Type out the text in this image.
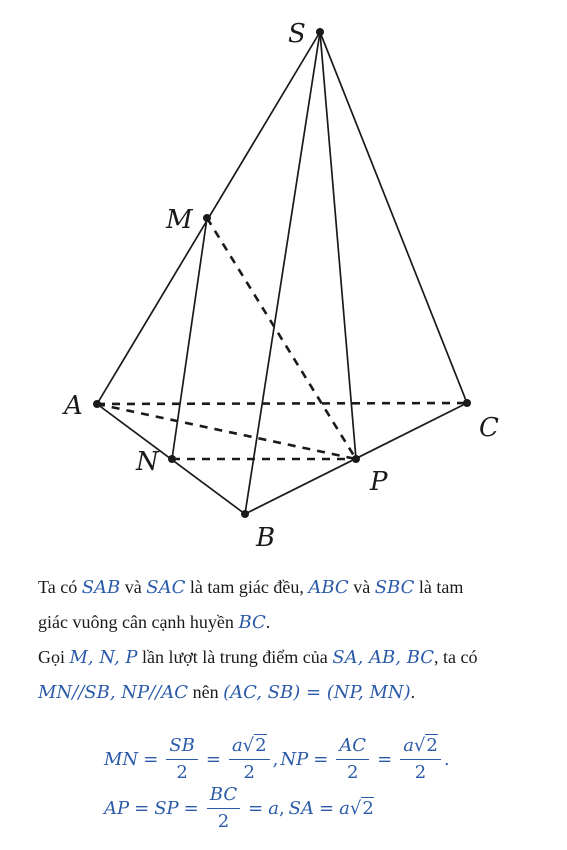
S
M
A
C
N
P
B
Ta có SAB và SAC là tam giác đều, ABC và SBC là tam
giác vuông cân cạnh huyền BC.
Gọi M, N, P lần lượt là trung điểm của SA, AB, BC, ta có
MN//SB, NP//AC nên (AC, SB) = (NP, MN).
MN = $\frac{SB}{2} = \frac{a√2}{2}$ , NP = $\frac{AC}{2} = \frac{a√2}{2}$ .
AP = SP = $\frac{BC}{2} = a$ , SA = a√2
